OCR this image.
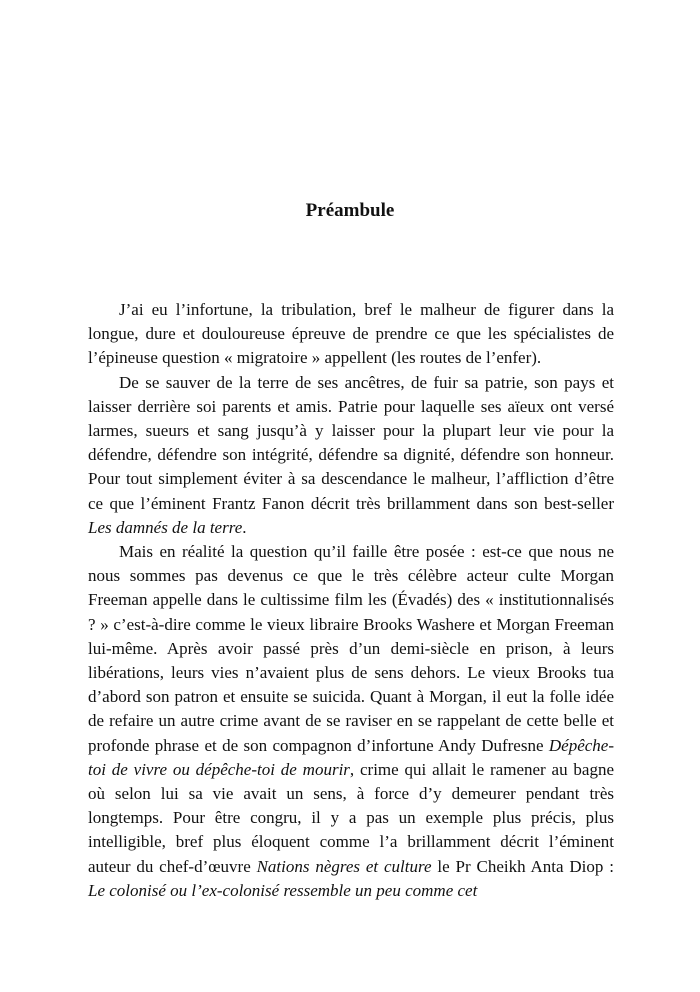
Préambule

J’ai eu l’infortune, la tribulation, bref le malheur de figurer dans la longue, dure et douloureuse épreuve de prendre ce que les spécialistes de l’épineuse question « migratoire » appellent (les routes de l’enfer).

De se sauver de la terre de ses ancêtres, de fuir sa patrie, son pays et laisser derrière soi parents et amis. Patrie pour laquelle ses aïeux ont versé larmes, sueurs et sang jusqu’à y laisser pour la plupart leur vie pour la défendre, défendre son intégrité, défendre sa dignité, défendre son honneur. Pour tout simplement éviter à sa descendance le malheur, l’affliction d’être ce que l’éminent Frantz Fanon décrit très brillamment dans son best-seller Les damnés de la terre.

Mais en réalité la question qu’il faille être posée : est-ce que nous ne nous sommes pas devenus ce que le très célèbre acteur culte Morgan Freeman appelle dans le cultissime film les (Évadés) des « institutionnalisés ? » c’est-à-dire comme le vieux libraire Brooks Washere et Morgan Freeman lui-même. Après avoir passé près d’un demi-siècle en prison, à leurs libérations, leurs vies n’avaient plus de sens dehors. Le vieux Brooks tua d’abord son patron et ensuite se suicida. Quant à Morgan, il eut la folle idée de refaire un autre crime avant de se raviser en se rappelant de cette belle et profonde phrase et de son compagnon d’infortune Andy Dufresne Dépêche-toi de vivre ou dépêche-toi de mourir, crime qui allait le ramener au bagne où selon lui sa vie avait un sens, à force d’y demeurer pendant très longtemps. Pour être congru, il y a pas un exemple plus précis, plus intelligible, bref plus éloquent comme l’a brillamment décrit l’éminent auteur du chef-d’œuvre Nations nègres et culture le Pr Cheikh Anta Diop : Le colonisé ou l’ex-colonisé ressemble un peu comme cet
